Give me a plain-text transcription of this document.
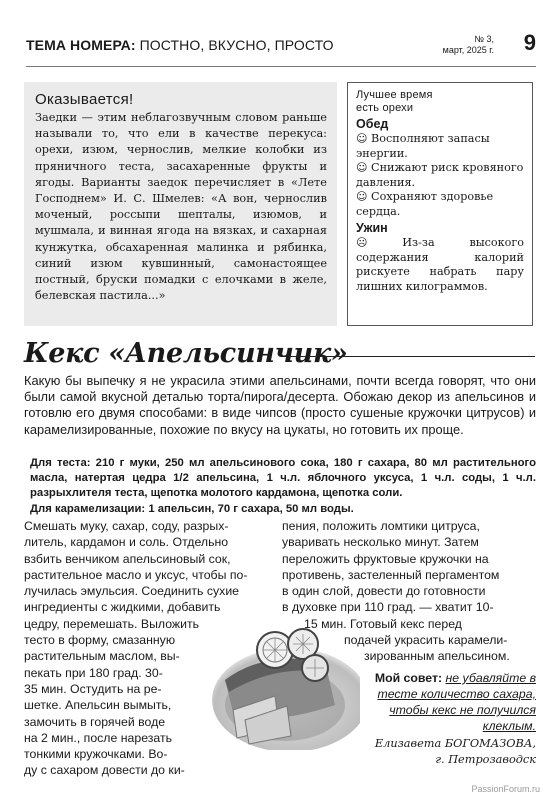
ТЕМА НОМЕРА: ПОСТНО, ВКУСНО, ПРОСТО	№ 3,
март, 2025 г. 9
Оказывается!
Заедки — этим неблагозвучным словом раньше называли то, что ели в качестве перекуса: орехи, изюм, чернослив, мелкие колобки из пряничного теста, засахаренные фрукты и ягоды. Варианты заедок перечисляет в «Лете Господнем» И. С. Шмелев: «А вон, чернослив моченый, россыпи шепталы, изюмов, и мушмала, и винная ягода на вязках, и сахарная кунжутка, обсахаренная малинка и рябинка, синий изюм кувшинный, самонастоящее постный, бруски помадки с елочками в желе, белевская пастила...»
Лучшее время
есть орехи
Обед
☺ Восполняют запасы энергии.
☺ Снижают риск кровяного давления.
☺ Сохраняют здоровье сердца.
Ужин
☹	Из-за высокого содержания калорий рискуете набрать пару лишних килограммов.
Кекс «Апельсинчик»
Какую бы выпечку я не украсила этими апельсинами, почти всегда говорят, что они были самой вкусной деталью торта/пирога/десерта. Обожаю декор из апельсинов и готовлю его двумя способами: в виде чипсов (просто сушеные кружочки цитрусов) и карамелизированные, похожие по вкусу на цукаты, но готовить их проще.
Для теста: 210 г муки, 250 мл апельсинового сока, 180 г сахара, 80 мл растительного масла, натертая цедра 1/2 апельсина, 1 ч.л. яблочного уксуса, 1 ч.л. соды, 1 ч.л. разрыхлителя теста, щепотка молотого кардамона, щепотка соли.
Для карамелизации: 1 апельсин, 70 г сахара, 50 мл воды.
Смешать муку, сахар, соду, разрых-
литель, кардамон и соль. Отдельно
взбить венчиком апельсиновый сок,
растительное масло и уксус, чтобы по-
лучилась эмульсия. Соединить сухие
ингредиенты с жидкими, добавить
цедру, перемешать. Выложить
тесто в форму, смазанную
растительным маслом, вы-
пекать при 180 град. 30-
35 мин. Остудить на ре-
шетке. Апельсин вымыть,
замочить в горячей воде
на 2 мин., после нарезать
тонкими кружочками. Во-
ду с сахаром довести до ки-
пения, положить ломтики цитруса,
уваривать несколько минут. Затем
переложить фруктовые кружочки на
противень, застеленный пергаментом
в один слой, довести до готовности
в духовке при 110 град. — хватит 10-
15 мин. Готовый кекс перед
подачей украсить карамели-
зированным апельсином.
Мой совет: не убавляйте в тесте количество сахара, чтобы кекс не получился клеклым.
Елизавета БОГОМАЗОВА,
г. Петрозаводск
PassionForum.ru
